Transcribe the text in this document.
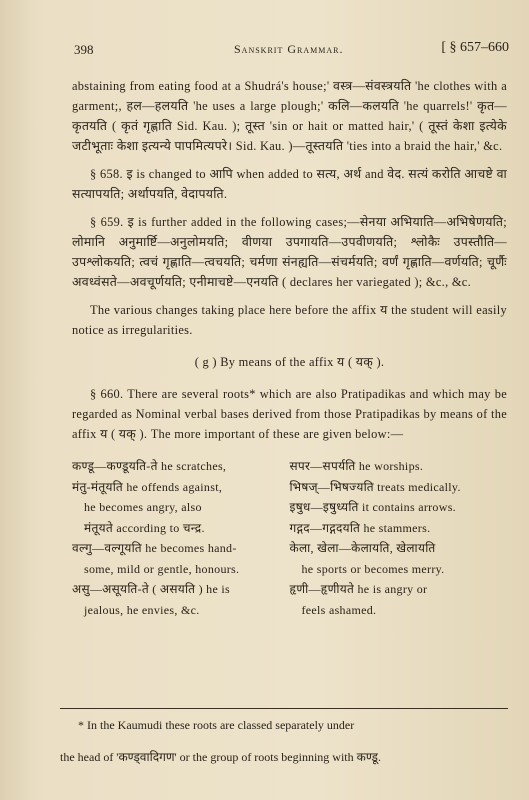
398	Sanskrit Grammar.	[ § 657–660

abstaining from eating food at a Shudrá's house;' वस्त्र—संवस्त्रयति 'he clothes with a garment;, हल—हलयति 'he uses a large plough;' कलि—कलयति 'he quarrels!' कृत—कृतयति ( कृतं गृह्णाति Sid. Kau. ); तूस्त 'sin or hait or matted hair,' ( तूस्तं केशा इत्येके जटीभूताः केशा इत्यन्ये पापमित्यपरे। Sid. Kau. )—तूस्तयति 'ties into a braid the hair,' &c.

§ 658. इ is changed to आपि when added to सत्य, अर्थ and वेद. सत्यं करोति आचष्टे वा सत्यापयति; अर्थापयति, वेदापयति.

§ 659. इ is further added in the following cases;—सेनया अभियाति—अभिषेणयति; लोमानि अनुमार्ष्टि—अनुलोमयति; वीणया उपगायति—उपवीणयति; श्लोकैः उपस्तौति—उपश्लोकयति; त्वचं गृह्णाति—त्वचयति; चर्मणा संनह्यति—संचर्मयति; वर्णं गृह्णाति—वर्णयति; चूर्णैः अवध्वंसते—अवचूर्णयति; एनीमाचष्टे—एनयति ( declares her variegated ); &c., &c.

The various changes taking place here before the affix य the student will easily notice as irregularities.

( g ) By means of the affix य ( यक् ).

§ 660. There are several roots* which are also Pratipadikas and which may be regarded as Nominal verbal bases derived from those Pratipadikas by means of the affix य ( यक् ). The more important of these are given below:—

कण्डू—कण्डूयति-ते he scratches,
मंतु-मंतूयति he offends against,
he becomes angry, also
मंतूयते according to चन्द्र.
वल्गु—वल्गूयति he becomes hand-
some, mild or gentle, honours.
असु—असूयति-ते ( असयति ) he is
jealous, he envies, &c.
सपर—सपर्यति he worships.
भिषज्—भिषज्यति treats medically.
इषुध—इषुध्यति it contains arrows.
गद्गद—गद्गदयति he stammers.
केला, खेला—केलायति, खेलायति
he sports or becomes merry.
हृणी—हृणीयते he is angry or
feels ashamed.

* In the Kaumudi these roots are classed separately under

the head of 'कण्ड्वादिगण' or the group of roots beginning with कण्डू.
